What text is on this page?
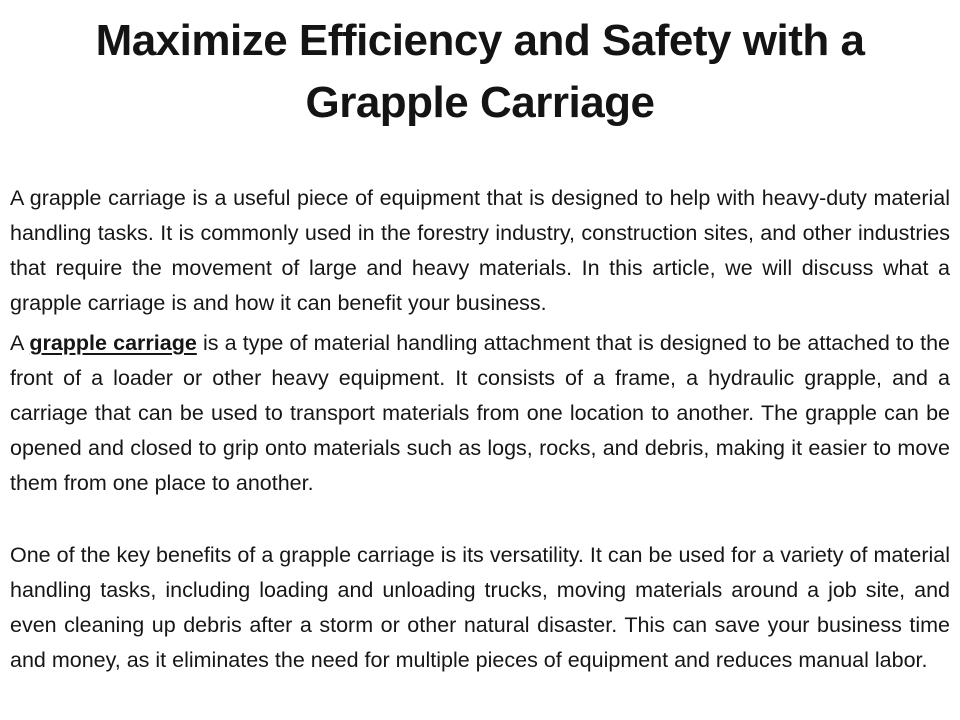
Maximize Efficiency and Safety with a Grapple Carriage

A grapple carriage is a useful piece of equipment that is designed to help with heavy-duty material handling tasks. It is commonly used in the forestry industry, construction sites, and other industries that require the movement of large and heavy materials. In this article, we will discuss what a grapple carriage is and how it can benefit your business.

A grapple carriage is a type of material handling attachment that is designed to be attached to the front of a loader or other heavy equipment. It consists of a frame, a hydraulic grapple, and a carriage that can be used to transport materials from one location to another. The grapple can be opened and closed to grip onto materials such as logs, rocks, and debris, making it easier to move them from one place to another.

One of the key benefits of a grapple carriage is its versatility. It can be used for a variety of material handling tasks, including loading and unloading trucks, moving materials around a job site, and even cleaning up debris after a storm or other natural disaster. This can save your business time and money, as it eliminates the need for multiple pieces of equipment and reduces manual labor.
